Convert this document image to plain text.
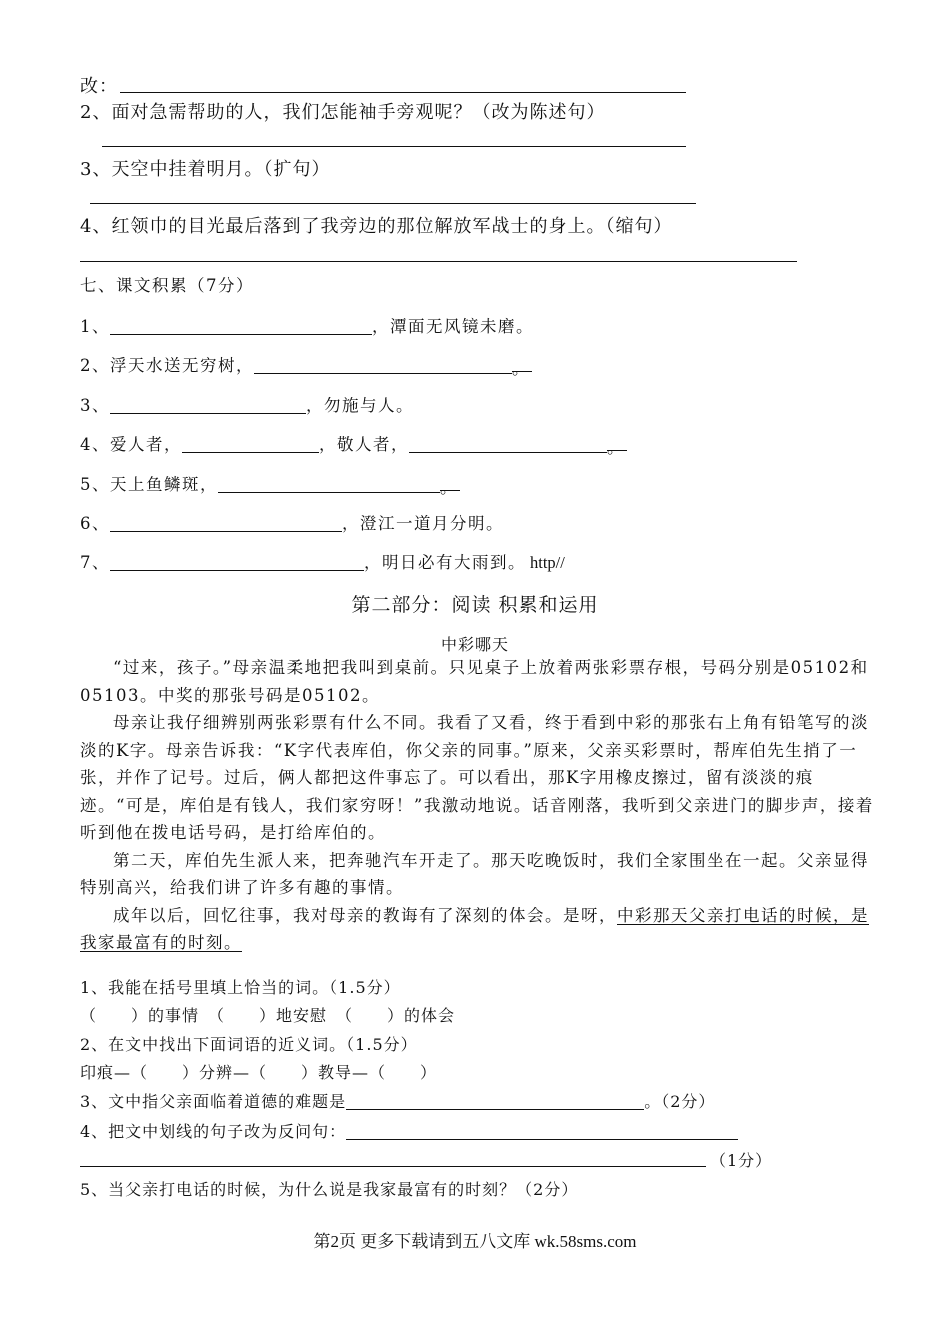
改：
2、面对急需帮助的人，我们怎能袖手旁观呢？（改为陈述句）
3、天空中挂着明月。（扩句）
4、红领巾的目光最后落到了我旁边的那位解放军战士的身上。（缩句）
七、课文积累（7分）
1、	，潭面无风镜未磨。
2、浮天水送无穷树，	。
3、	，勿施与人。
4、爱人者，	，敬人者，	。
5、天上鱼鳞斑，	。
6、	，澄江一道月分明。
7、	，明日必有大雨到。 http//
第二部分：阅读 积累和运用
中彩哪天

“过来，孩子。”母亲温柔地把我叫到桌前。只见桌子上放着两张彩票存根，号码分别是05102和05103。中奖的那张号码是05102。

母亲让我仔细辨别两张彩票有什么不同。我看了又看，终于看到中彩的那张右上角有铅笔写的淡淡的K字。母亲告诉我：“K字代表库伯，你父亲的同事。”原来，父亲买彩票时，帮库伯先生捎了一张，并作了记号。过后，俩人都把这件事忘了。可以看出，那K字用橡皮擦过，留有淡淡的痕迹。“可是，库伯是有钱人，我们家穷呀！”我激动地说。话音刚落，我听到父亲进门的脚步声，接着听到他在拨电话号码，是打给库伯的。

第二天，库伯先生派人来，把奔驰汽车开走了。那天吃晚饭时，我们全家围坐在一起。父亲显得特别高兴，给我们讲了许多有趣的事情。

成年以后，回忆往事，我对母亲的教诲有了深刻的体会。是呀，中彩那天父亲打电话的时候，是我家最富有的时刻。

1、我能在括号里填上恰当的词。（1.5分）
（　　）的事情　（　　）地安慰　（　　）的体会
2、在文中找出下面词语的近义词。（1.5分）
印痕—（　　）分辨—（　　）教导—（　　）
3、文中指父亲面临着道德的难题是	。（2分）
4、把文中划线的句子改为反问句：
（1分）
5、当父亲打电话的时候，为什么说是我家最富有的时刻？（2分）
第2页 更多下载请到五八文库 wk.58sms.com
